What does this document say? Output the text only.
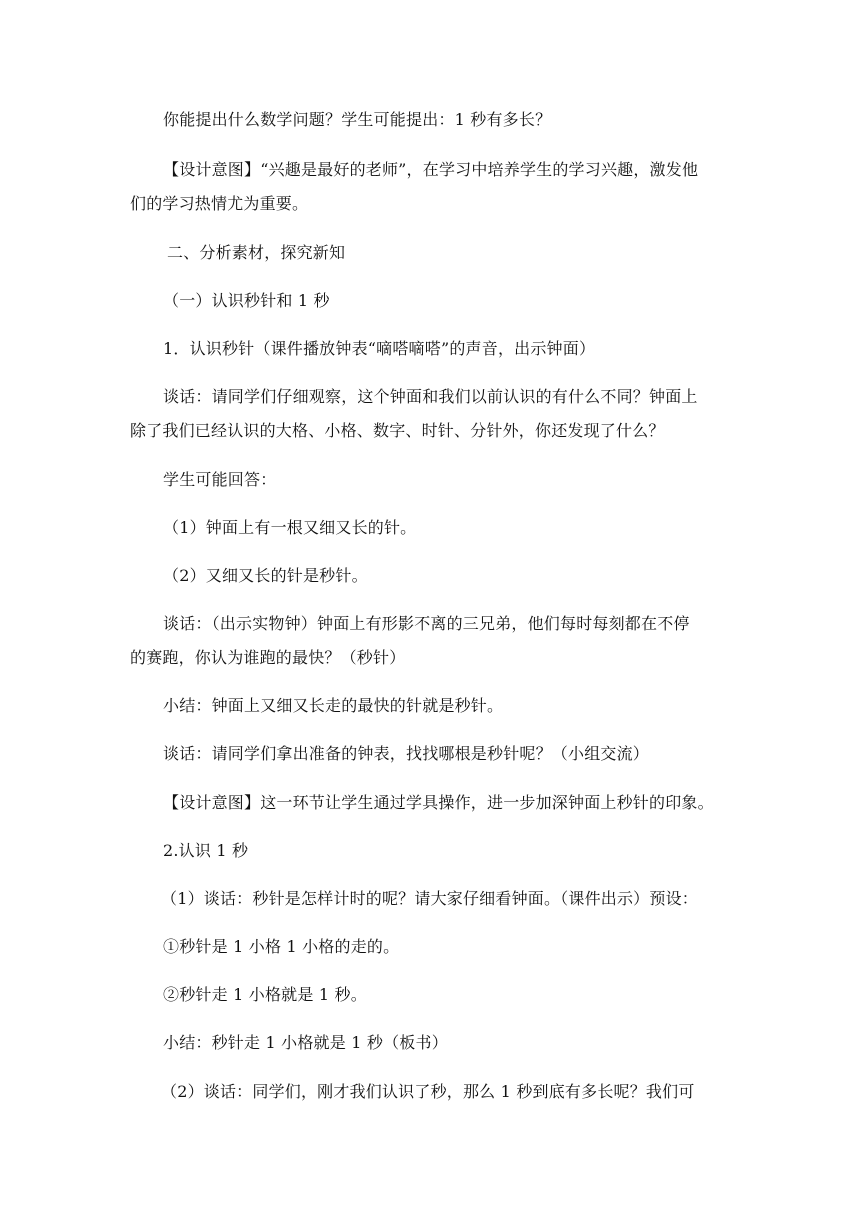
你能提出什么数学问题？学生可能提出：1 秒有多长？

【设计意图】“兴趣是最好的老师”，在学习中培养学生的学习兴趣，激发他
们的学习热情尤为重要。

二、分析素材，探究新知

（一）认识秒针和 1 秒

1．认识秒针（课件播放钟表“嘀嗒嘀嗒”的声音，出示钟面）

谈话：请同学们仔细观察，这个钟面和我们以前认识的有什么不同？钟面上
除了我们已经认识的大格、小格、数字、时针、分针外，你还发现了什么？

学生可能回答：

（1）钟面上有一根又细又长的针。

（2）又细又长的针是秒针。

谈话：（出示实物钟）钟面上有形影不离的三兄弟，他们每时每刻都在不停
的赛跑，你认为谁跑的最快？（秒针）

小结：钟面上又细又长走的最快的针就是秒针。

谈话：请同学们拿出准备的钟表，找找哪根是秒针呢？（小组交流）

【设计意图】这一环节让学生通过学具操作，进一步加深钟面上秒针的印象。

2.认识 1 秒

（1）谈话：秒针是怎样计时的呢？请大家仔细看钟面。（课件出示）预设：

①秒针是 1 小格 1 小格的走的。

②秒针走 1 小格就是 1 秒。

小结：秒针走 1 小格就是 1 秒（板书）

（2）谈话：同学们，刚才我们认识了秒，那么 1 秒到底有多长呢？我们可
